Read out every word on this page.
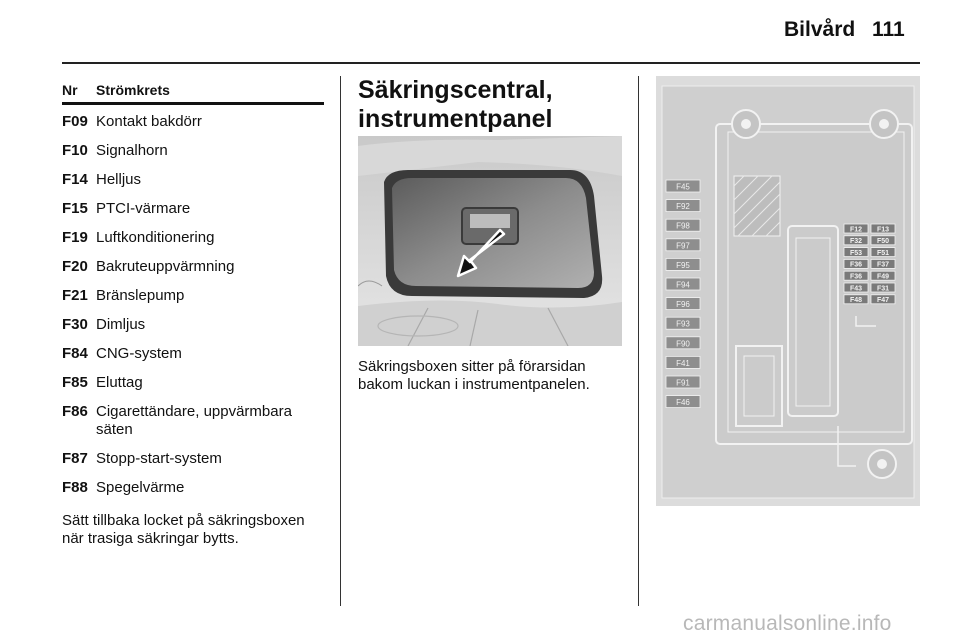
Bilvård 111
Nr	Strömkrets
F09 Kontakt bakdörr
F10 Signalhorn
F14 Helljus
F15 PTCI-värmare
F19 Luftkonditionering
F20 Bakruteuppvärmning
F21 Bränslepump
F30 Dimljus
F84 CNG-system
F85 Eluttag
F86 Cigarettändare, uppvärmbara säten
F87 Stopp-start-system
F88 Spegelvärme
Sätt tillbaka locket på säkringsboxen när trasiga säkringar bytts.
Säkringscentral, instrumentpanel
Säkringsboxen sitter på förarsidan bakom luckan i instrumentpanelen.
F45
F92
F98
F97
F95
F94
F96
F93
F90
F41
F91
F46
F12 F13
F32 F50
F53 F51
F36 F37
F36 F49
F43 F31
F48 F47
carmanualsonline.info
